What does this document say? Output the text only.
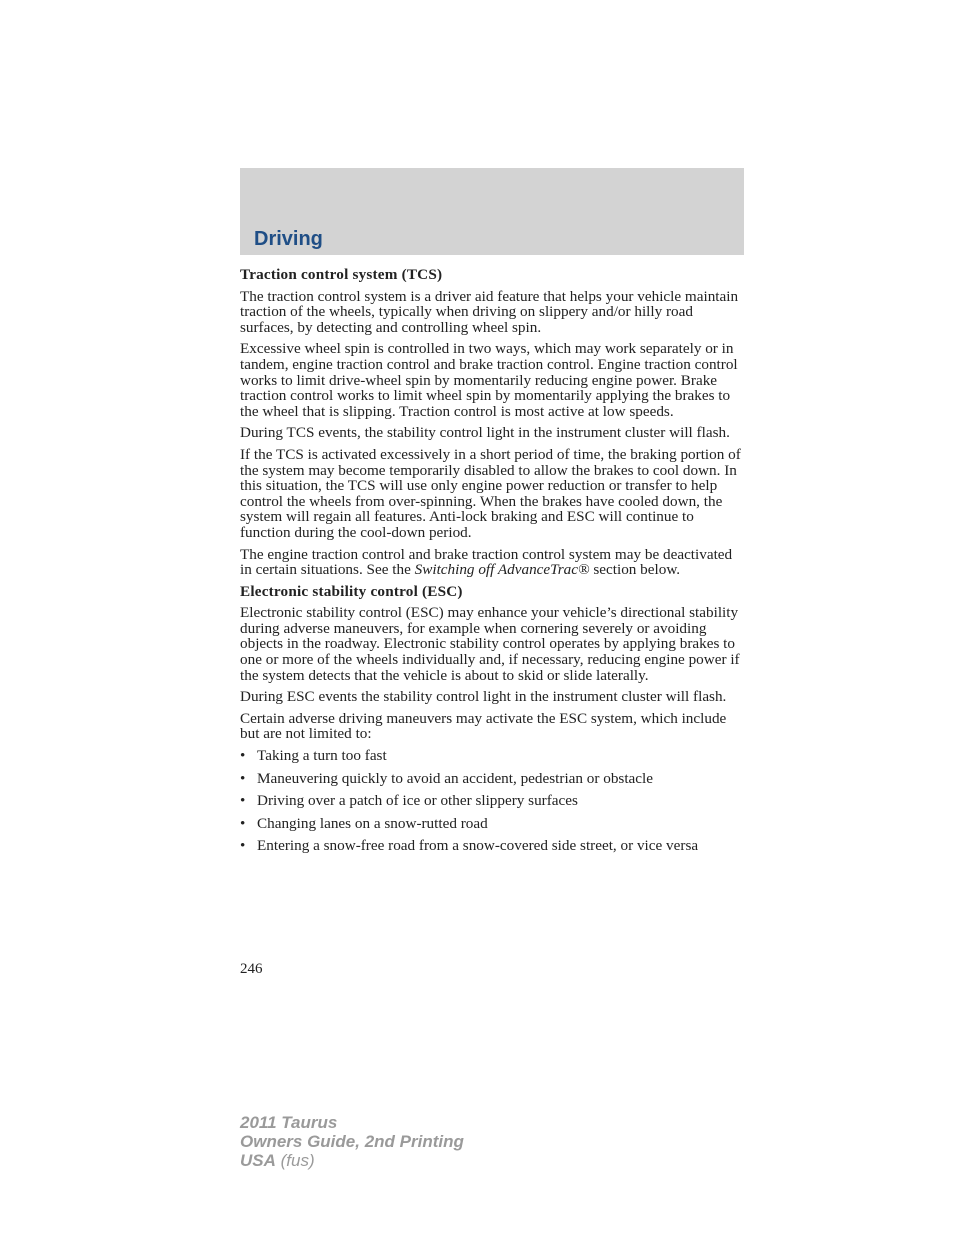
Driving

Traction control system (TCS)

The traction control system is a driver aid feature that helps your vehicle maintain traction of the wheels, typically when driving on slippery and/or hilly road surfaces, by detecting and controlling wheel spin.

Excessive wheel spin is controlled in two ways, which may work separately or in tandem, engine traction control and brake traction control. Engine traction control works to limit drive-wheel spin by momentarily reducing engine power. Brake traction control works to limit wheel spin by momentarily applying the brakes to the wheel that is slipping. Traction control is most active at low speeds.

During TCS events, the stability control light in the instrument cluster will flash.

If the TCS is activated excessively in a short period of time, the braking portion of the system may become temporarily disabled to allow the brakes to cool down. In this situation, the TCS will use only engine power reduction or transfer to help control the wheels from over-spinning. When the brakes have cooled down, the system will regain all features. Anti-lock braking and ESC will continue to function during the cool-down period.

The engine traction control and brake traction control system may be deactivated in certain situations. See the Switching off AdvanceTrac® section below.

Electronic stability control (ESC)

Electronic stability control (ESC) may enhance your vehicle’s directional stability during adverse maneuvers, for example when cornering severely or avoiding objects in the roadway. Electronic stability control operates by applying brakes to one or more of the wheels individually and, if necessary, reducing engine power if the system detects that the vehicle is about to skid or slide laterally.

During ESC events the stability control light in the instrument cluster will flash.

Certain adverse driving maneuvers may activate the ESC system, which include but are not limited to:

• Taking a turn too fast
• Maneuvering quickly to avoid an accident, pedestrian or obstacle
• Driving over a patch of ice or other slippery surfaces
• Changing lanes on a snow-rutted road
• Entering a snow-free road from a snow-covered side street, or vice versa
246
2011 Taurus
Owners Guide, 2nd Printing
USA (fus)
